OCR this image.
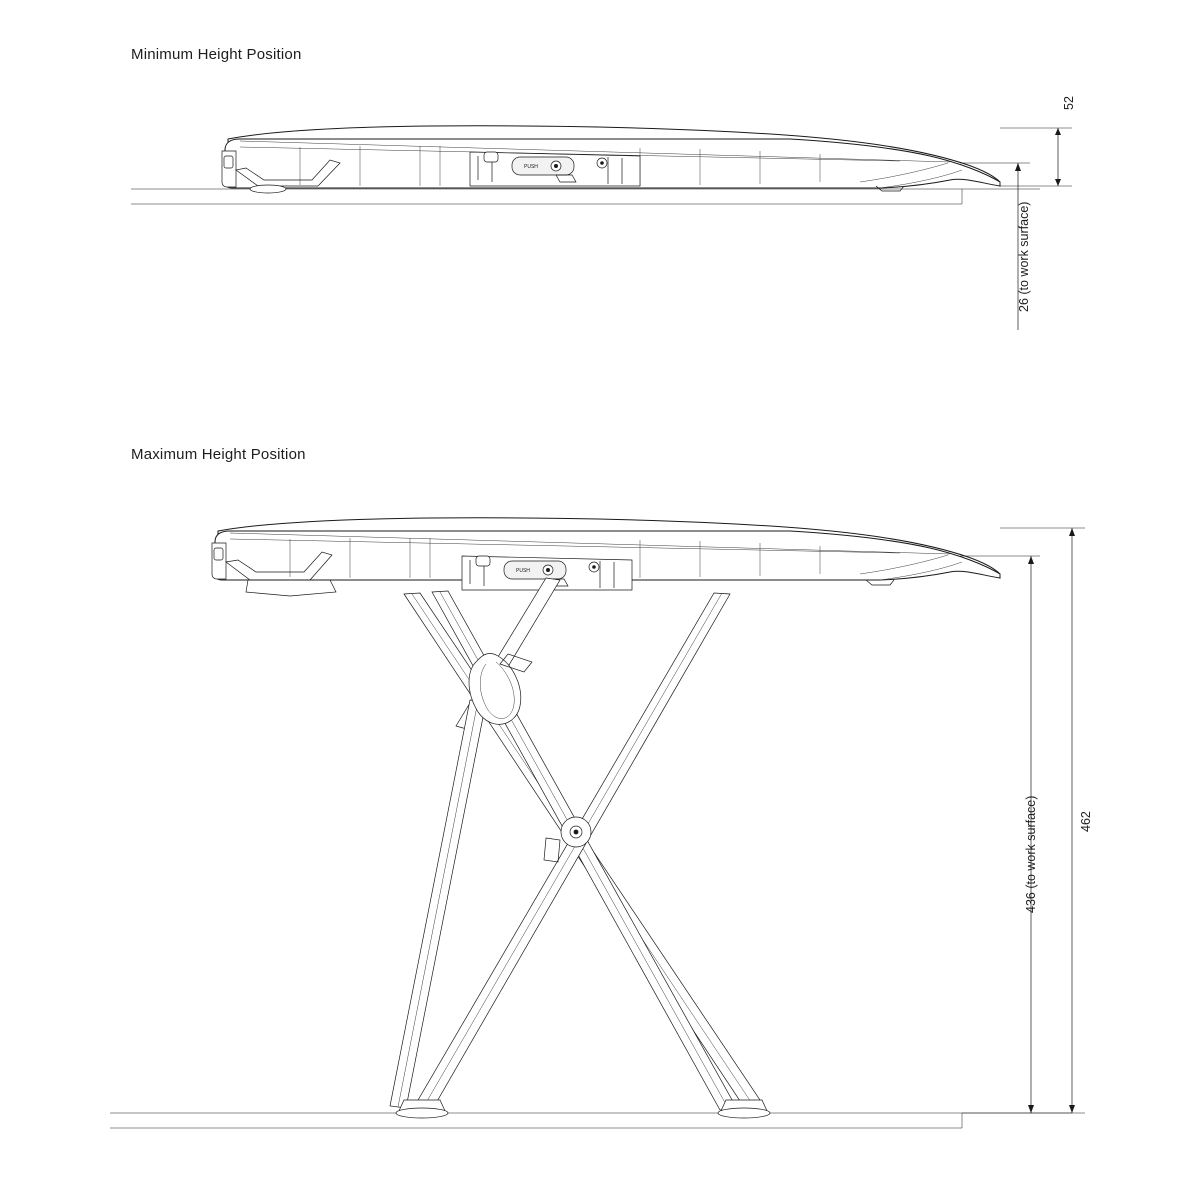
Minimum Height Position
Maximum Height Position
52
26 (to work surface)
462
436 (to work surface)
PUSH
PUSH
